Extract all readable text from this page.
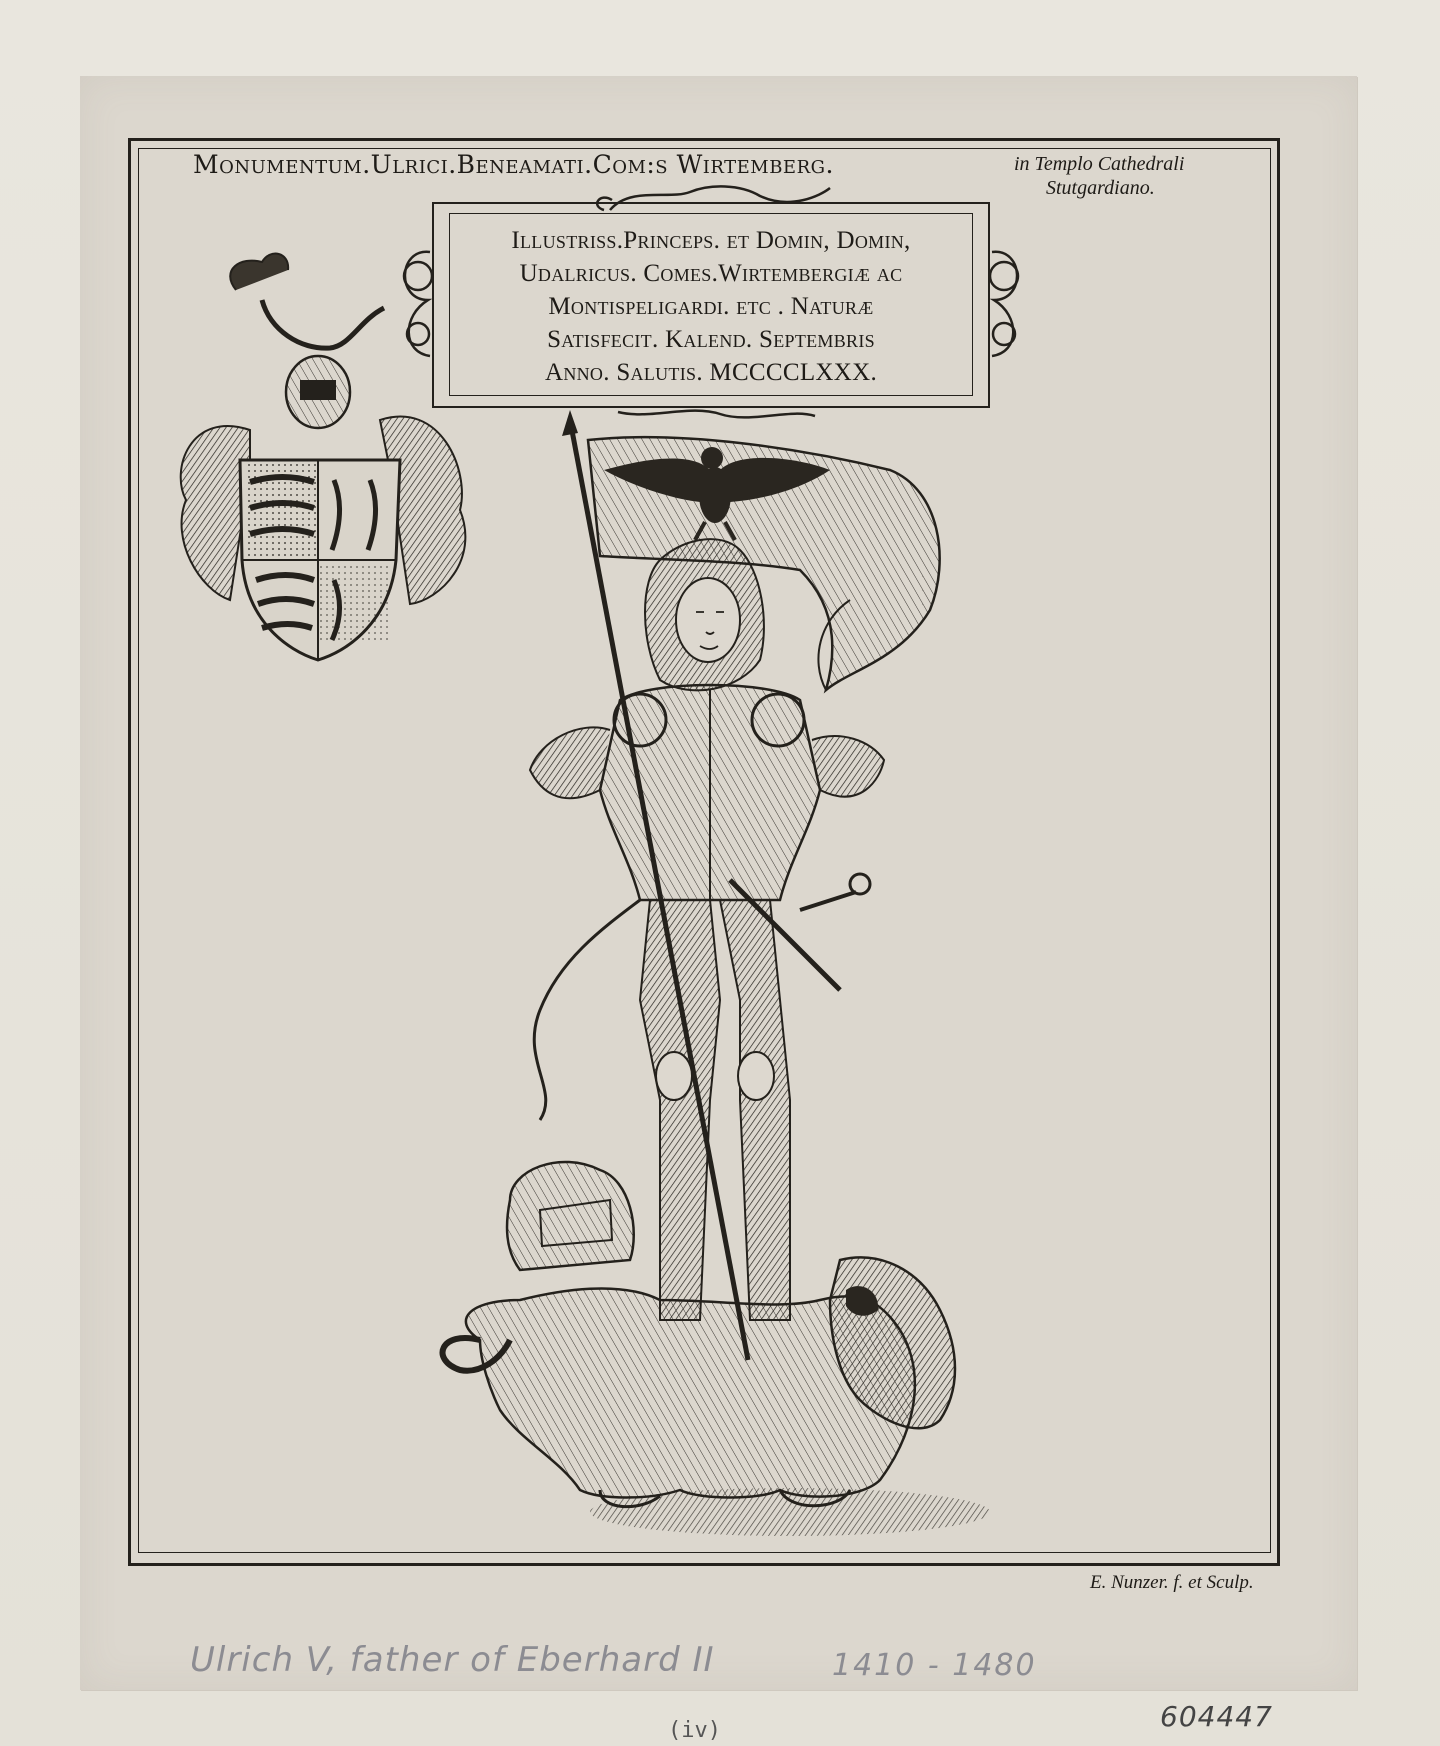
Monumentum.Ulrici.Beneamati.Com:s Wirtemberg.	in Templo Cathedrali
Stutgardiano.
Illustriss.Princeps. et Domin, Domin,
Udalricus. Comes.Wirtembergiæ ac
Montispeligardi. etc . Naturæ
Satisfecit. Kalend. Septembris
Anno. Salutis. MCCCCLXXX.
E. Nunzer. f. et Sculp.
Ulrich V, father of Eberhard II	1410 - 1480
(iv)	604447
